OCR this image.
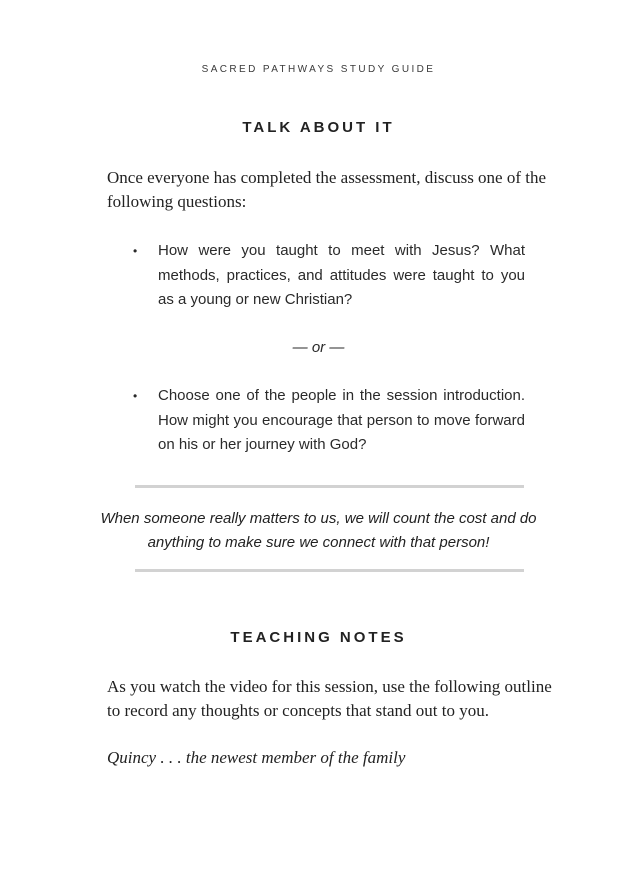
SACRED PATHWAYS STUDY GUIDE
TALK ABOUT IT
Once everyone has completed the assessment, discuss one of the following questions:
•	How were you taught to meet with Jesus? What methods, practices, and attitudes were taught to you as a young or new Christian?
— or —
•	Choose one of the people in the session introduction. How might you encourage that person to move forward on his or her journey with God?
When someone really matters to us, we will count the cost and do anything to make sure we connect with that person!
TEACHING NOTES
As you watch the video for this session, use the following outline to record any thoughts or concepts that stand out to you.
Quincy . . . the newest member of the family
